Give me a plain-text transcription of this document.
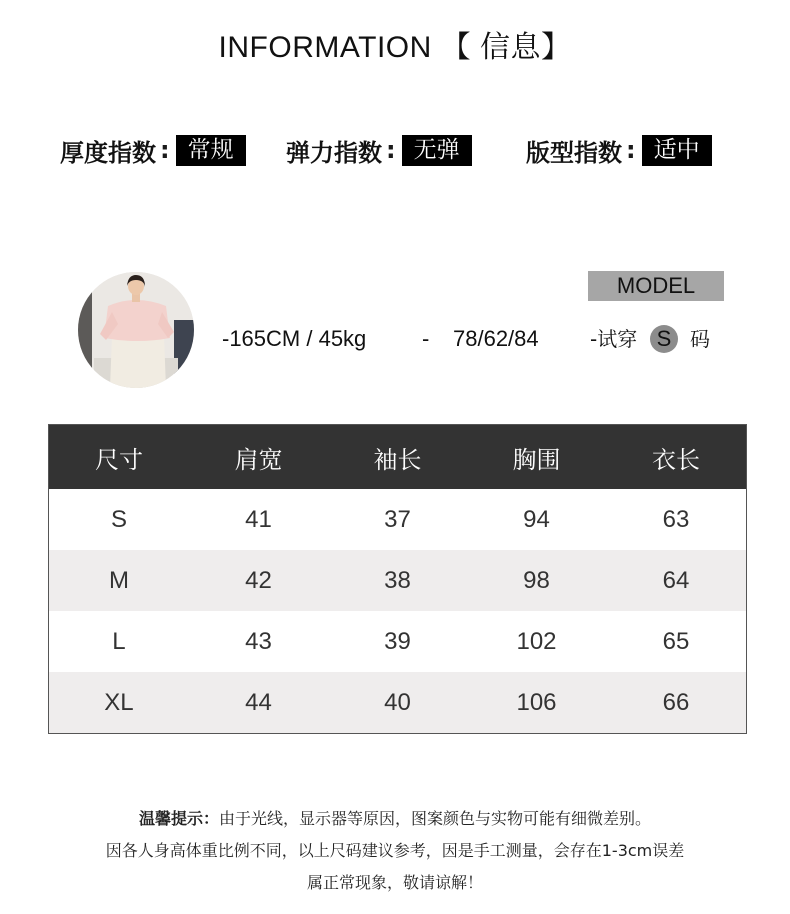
INFORMATION 【 信息】
厚度指数 : 常规	弹力指数 : 无弹	版型指数 : 适中
MODEL
-165CM / 45kg	- 78/62/84	-试穿 S 码
尺寸	肩宽	袖长	胸围	衣长
S	41	37	94	63
M	42	38	98	64
L	43	39	102	65
XL	44	40	106	66
温馨提示：由于光线，显示器等原因，图案颜色与实物可能有细微差别。
因各人身高体重比例不同，以上尺码建议参考，因是手工测量，会存在1-3cm误差
属正常现象，敬请谅解！
